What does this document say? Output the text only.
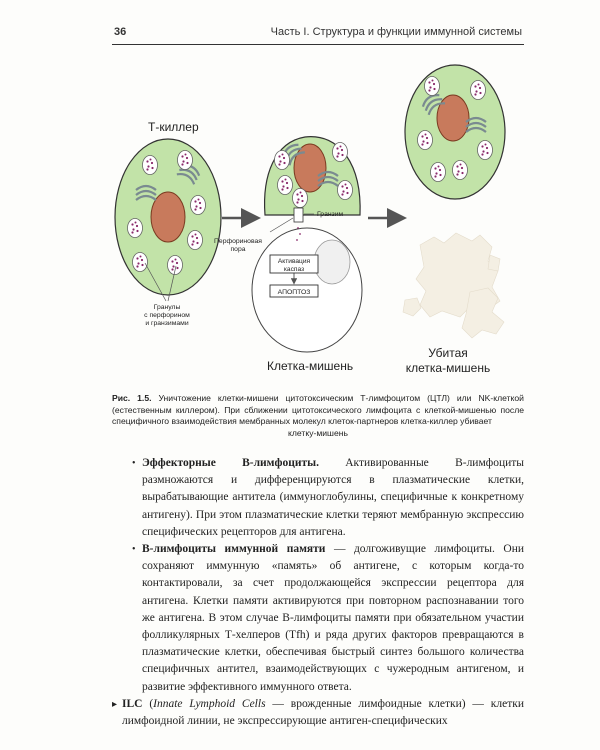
36	Часть I. Структура и функции иммунной системы
Т-киллер
Гранулы
с перфорином
и гранзимами
Гранзим
Перфориновая
пора
Активация
каспаз
АПОПТОЗ
Клетка-мишень
Убитая
клетка-мишень
Рис. 1.5. Уничтожение клетки-мишени цитотоксическим Т-лимфоцитом (ЦТЛ) или NK-клеткой (естественным киллером). При сближении цитотоксического лимфоцита с клеткой-мишенью после специфичного взаимодействия мембранных молекул клеток-партнеров клетка-киллер убивает
клетку-мишень
• Эффекторные В-лимфоциты. Активированные В-лимфоциты размножаются и дифференцируются в плазматические клетки, вырабатывающие антитела (иммуноглобулины, специфичные к конкретному антигену). При этом плазматические клетки теряют мембранную экспрессию специфических рецепторов для антигена.
• В-лимфоциты иммунной памяти — долгоживущие лимфоциты. Они сохраняют иммунную «память» об антигене, с которым когда-то контактировали, за счет продолжающейся экспрессии рецептора для антигена. Клетки памяти активируются при повторном распознавании того же антигена. В этом случае В-лимфоциты памяти при обязательном участии фолликулярных Т-хелперов (Tfh) и ряда других факторов превращаются в плазматические клетки, обеспечивая быстрый синтез большого количества специфичных антител, взаимодействующих с чужеродным антигеном, и развитие эффективного иммунного ответа.
▸ ILC (Innate Lymphoid Cells — врожденные лимфоидные клетки) — клетки лимфоидной линии, не экспрессирующие антиген-специфических
